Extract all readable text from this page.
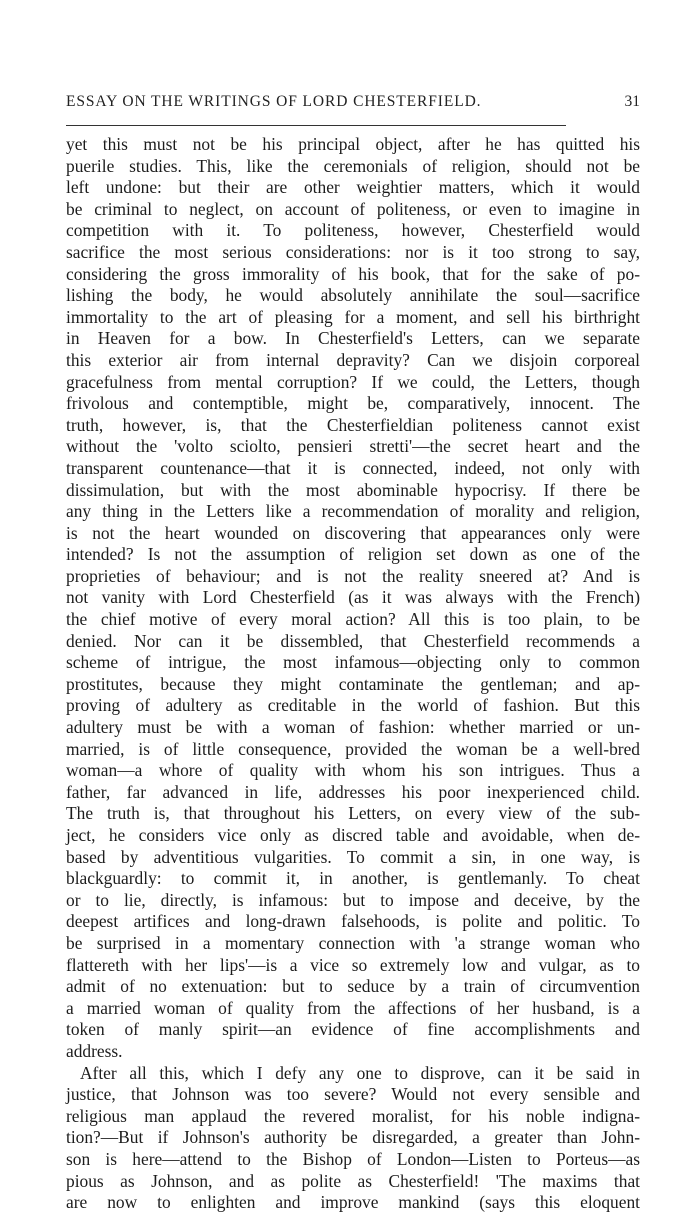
ESSAY ON THE WRITINGS OF LORD CHESTERFIELD.	31
yet this must not be his principal object, after he has quitted his
puerile studies. This, like the ceremonials of religion, should not be
left undone: but their are other weightier matters, which it would
be criminal to neglect, on account of politeness, or even to imagine in
competition with it. To politeness, however, Chesterfield would
sacrifice the most serious considerations: nor is it too strong to say,
considering the gross immorality of his book, that for the sake of po-
lishing the body, he would absolutely annihilate the soul—sacrifice
immortality to the art of pleasing for a moment, and sell his birthright
in Heaven for a bow. In Chesterfield's Letters, can we separate
this exterior air from internal depravity? Can we disjoin corporeal
gracefulness from mental corruption? If we could, the Letters, though
frivolous and contemptible, might be, comparatively, innocent. The
truth, however, is, that the Chesterfieldian politeness cannot exist
without the 'volto sciolto, pensieri stretti'—the secret heart and the
transparent countenance—that it is connected, indeed, not only with
dissimulation, but with the most abominable hypocrisy. If there be
any thing in the Letters like a recommendation of morality and religion,
is not the heart wounded on discovering that appearances only were
intended? Is not the assumption of religion set down as one of the
proprieties of behaviour; and is not the reality sneered at? And is
not vanity with Lord Chesterfield (as it was always with the French)
the chief motive of every moral action? All this is too plain, to be
denied. Nor can it be dissembled, that Chesterfield recommends a
scheme of intrigue, the most infamous—objecting only to common
prostitutes, because they might contaminate the gentleman; and ap-
proving of adultery as creditable in the world of fashion. But this
adultery must be with a woman of fashion: whether married or un-
married, is of little consequence, provided the woman be a well-bred
woman—a whore of quality with whom his son intrigues. Thus a
father, far advanced in life, addresses his poor inexperienced child.
The truth is, that throughout his Letters, on every view of the sub-
ject, he considers vice only as discred table and avoidable, when de-
based by adventitious vulgarities. To commit a sin, in one way, is
blackguardly: to commit it, in another, is gentlemanly. To cheat
or to lie, directly, is infamous: but to impose and deceive, by the
deepest artifices and long-drawn falsehoods, is polite and politic. To
be surprised in a momentary connection with 'a strange woman who
flattereth with her lips'—is a vice so extremely low and vulgar, as to
admit of no extenuation: but to seduce by a train of circumvention
a married woman of quality from the affections of her husband, is a
token of manly spirit—an evidence of fine accomplishments and
address.
After all this, which I defy any one to disprove, can it be said in
justice, that Johnson was too severe? Would not every sensible and
religious man applaud the revered moralist, for his noble indigna-
tion?—But if Johnson's authority be disregarded, a greater than John-
son is here—attend to the Bishop of London—Listen to Porteus—as
pious as Johnson, and as polite as Chesterfield! 'The maxims that
are now to enlighten and improve mankind (says this eloquent
